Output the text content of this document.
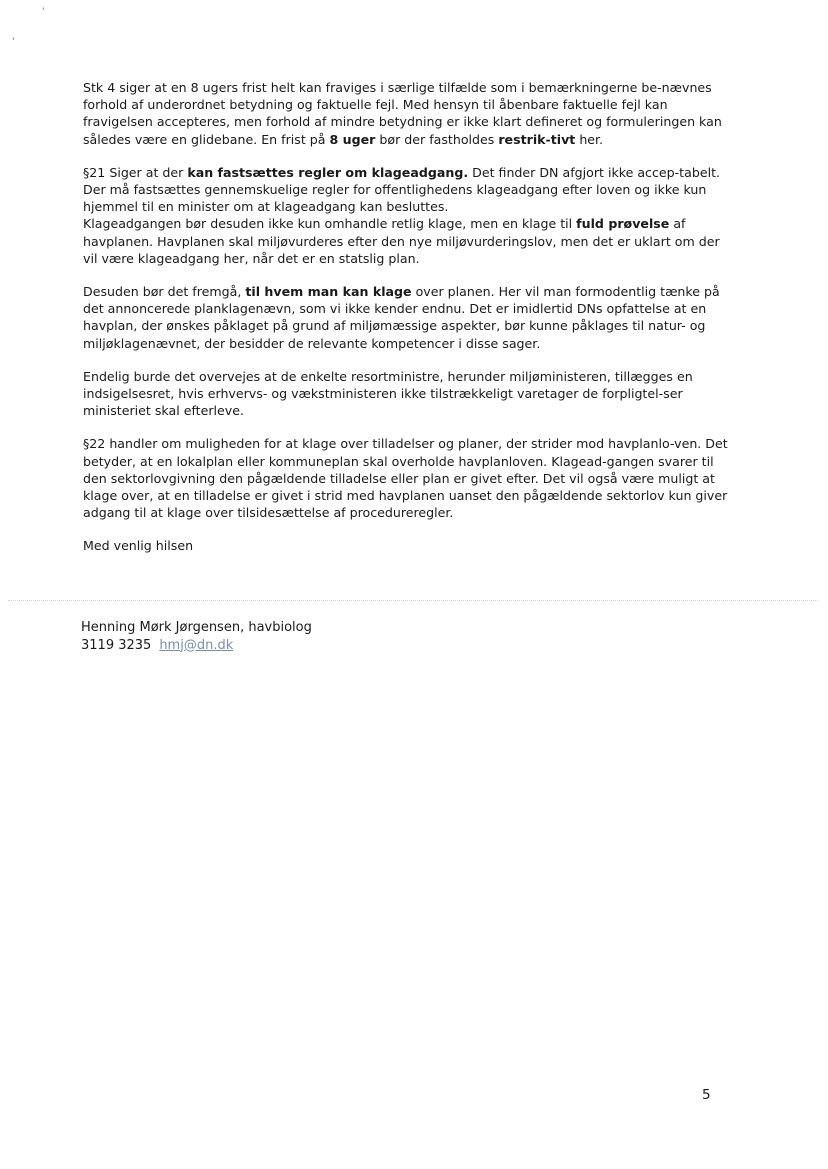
'
'

Stk 4 siger at en 8 ugers frist helt kan fraviges i særlige tilfælde som i bemærkningerne be-nævnes forhold af underordnet betydning og faktuelle fejl. Med hensyn til åbenbare faktuelle fejl kan fravigelsen accepteres, men forhold af mindre betydning er ikke klart defineret og formuleringen kan således være en glidebane. En frist på 8 uger bør der fastholdes restrik-tivt her.

§21 Siger at der kan fastsættes regler om klageadgang. Det finder DN afgjort ikke accep-tabelt. Der må fastsættes gennemskuelige regler for offentlighedens klageadgang efter loven og ikke kun hjemmel til en minister om at klageadgang kan besluttes.

Klageadgangen bør desuden ikke kun omhandle retlig klage, men en klage til fuld prøvelse af havplanen. Havplanen skal miljøvurderes efter den nye miljøvurderingslov, men det er uklart om der vil være klageadgang her, når det er en statslig plan.

Desuden bør det fremgå, til hvem man kan klage over planen. Her vil man formodentlig tænke på det annoncerede planklagenævn, som vi ikke kender endnu. Det er imidlertid DNs opfattelse at en havplan, der ønskes påklaget på grund af miljømæssige aspekter, bør kunne påklages til natur- og miljøklagenævnet, der besidder de relevante kompetencer i disse sager.

Endelig burde det overvejes at de enkelte resortministre, herunder miljøministeren, tillægges en indsigelsesret, hvis erhvervs- og vækstministeren ikke tilstrækkeligt varetager de forpligtel-ser ministeriet skal efterleve.

§22 handler om muligheden for at klage over tilladelser og planer, der strider mod havplanlo-ven. Det betyder, at en lokalplan eller kommuneplan skal overholde havplanloven. Klagead-gangen svarer til den sektorlovgivning den pågældende tilladelse eller plan er givet efter. Det vil også være muligt at klage over, at en tilladelse er givet i strid med havplanen uanset den pågældende sektorlov kun giver adgang til at klage over tilsidesættelse af procedureregler.

Med venlig hilsen

Henning Mørk Jørgensen, havbiolog
3119 3235 hmj@dn.dk
5
